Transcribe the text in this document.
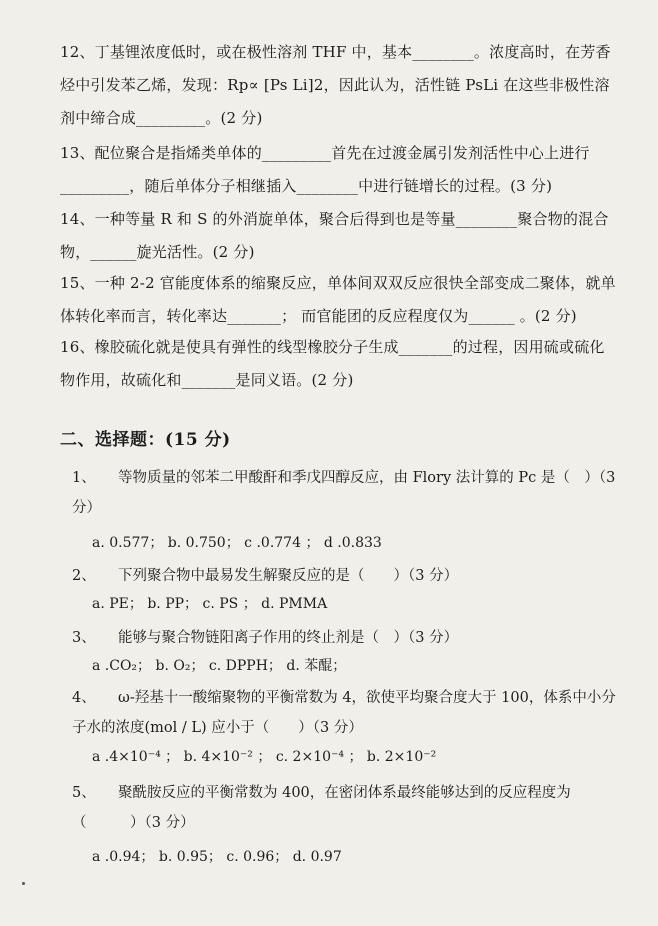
12、丁基锂浓度低时，或在极性溶剂 THF 中，基本________。浓度高时，在芳香烃中引发苯乙烯，发现：Rp∝ [Ps Li]2，因此认为，活性链 PsLi 在这些非极性溶剂中缔合成_________。(2 分)

13、配位聚合是指烯类单体的_________首先在过渡金属引发剂活性中心上进行_________，随后单体分子相继插入________中进行链增长的过程。(3 分)

14、一种等量 R 和 S 的外消旋单体，聚合后得到也是等量________聚合物的混合物，______旋光活性。(2 分)

15、一种 2-2 官能度体系的缩聚反应，单体间双双反应很快全部变成二聚体，就单体转化率而言，转化率达_______； 而官能团的反应程度仅为______ 。(2 分)

16、橡胶硫化就是使具有弹性的线型橡胶分子生成_______的过程，因用硫或硫化物作用，故硫化和_______是同义语。(2 分)

二、选择题：(15 分)

1、 等物质量的邻苯二甲酸酐和季戊四醇反应，由 Flory 法计算的 Pc 是（　）（3 分）

a. 0.577； b. 0.750； c .0.774 ； d .0.833

2、 下列聚合物中最易发生解聚反应的是（　　）（3 分）

a. PE； b. PP； c. PS ； d. PMMA

3、 能够与聚合物链阳离子作用的终止剂是（　）（3 分）

a .CO₂； b. O₂； c. DPPH； d. 苯醌；

4、 ω-羟基十一酸缩聚物的平衡常数为 4，欲使平均聚合度大于 100，体系中小分子水的浓度(mol / L) 应小于（　　）（3 分）

a .4×10⁻⁴ ； b. 4×10⁻² ； c. 2×10⁻⁴ ； b. 2×10⁻²

5、 聚酰胺反应的平衡常数为 400，在密闭体系最终能够达到的反应程度为（　　　）（3 分）

a .0.94； b. 0.95； c. 0.96； d. 0.97
